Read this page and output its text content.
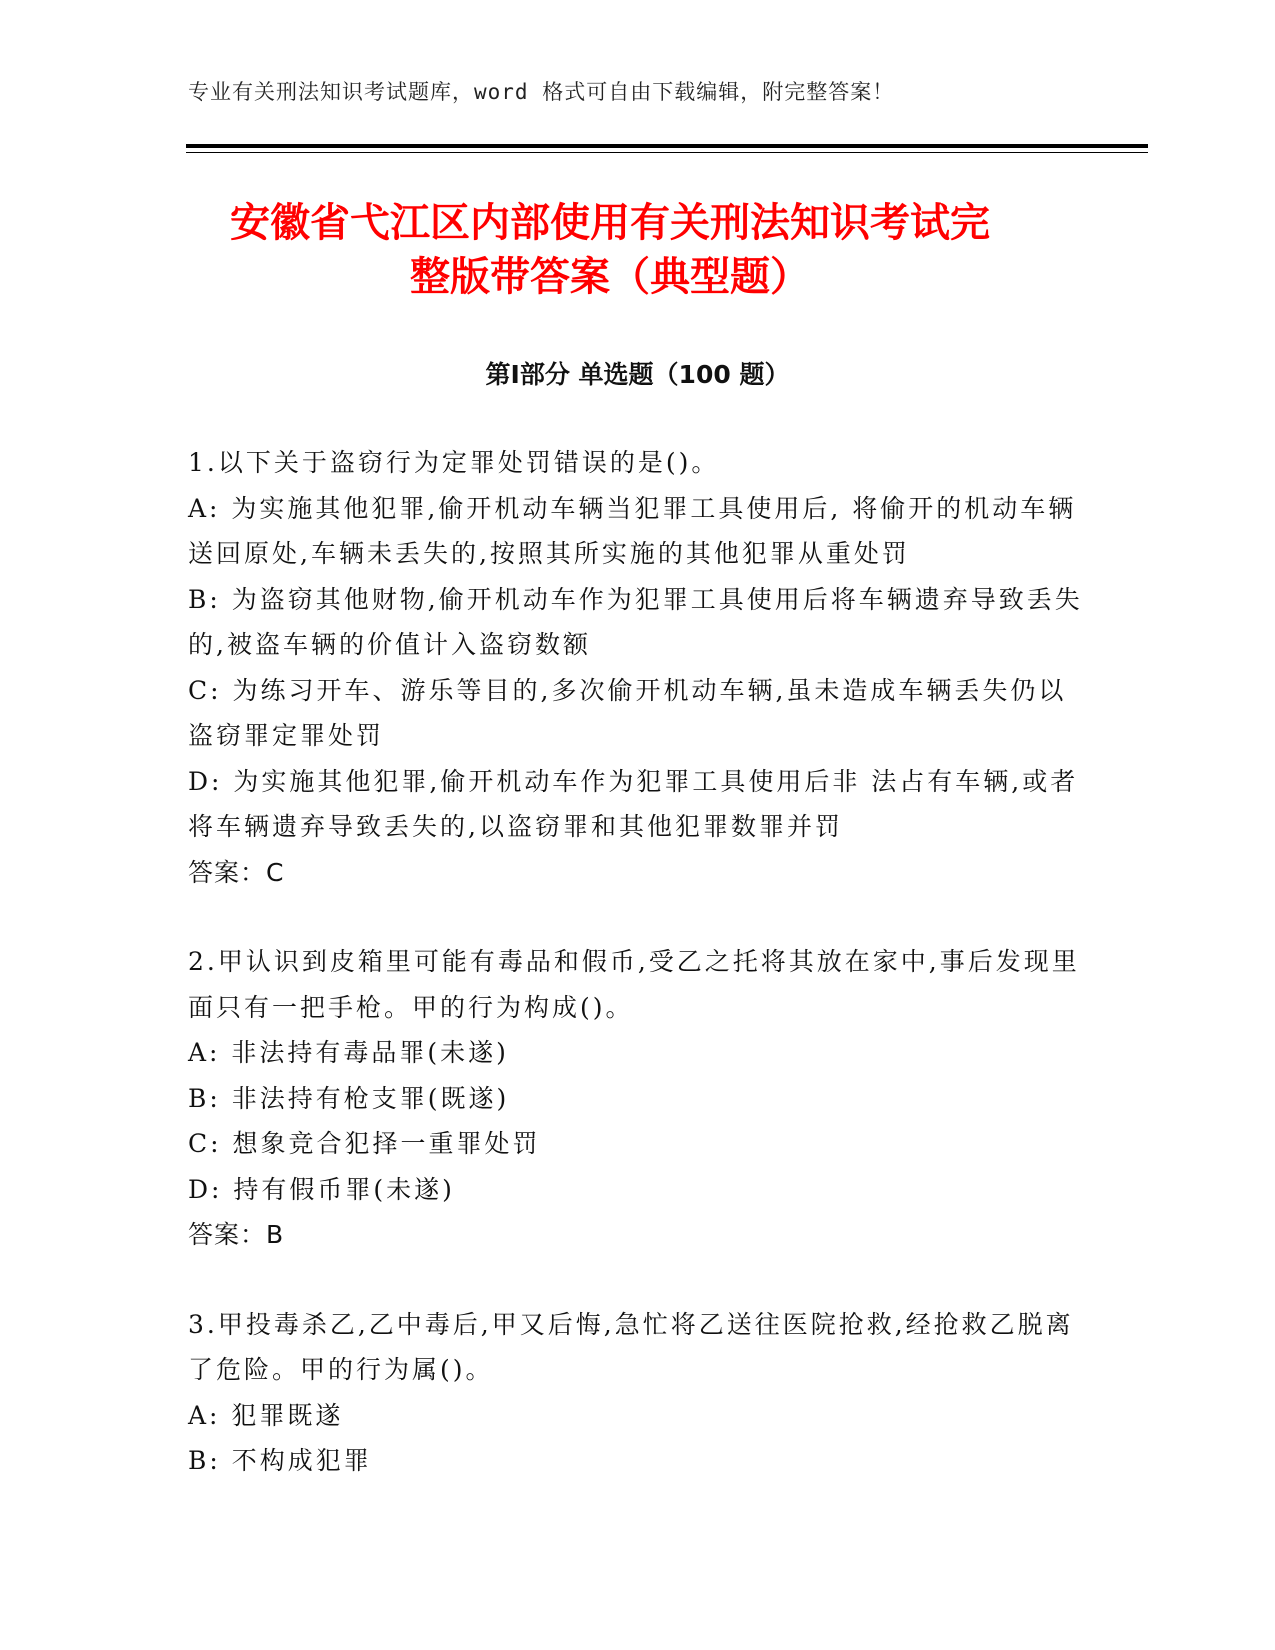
专业有关刑法知识考试题库，word 格式可自由下载编辑，附完整答案！
安徽省弋江区内部使用有关刑法知识考试完
整版带答案（典型题）
第Ⅰ部分 单选题（100 题）

1.以下关于盗窃行为定罪处罚错误的是()。

A: 为实施其他犯罪,偷开机动车辆当犯罪工具使用后, 将偷开的机动车辆送回原处,车辆未丢失的,按照其所实施的其他犯罪从重处罚

B: 为盗窃其他财物,偷开机动车作为犯罪工具使用后将车辆遗弃导致丢失的,被盗车辆的价值计入盗窃数额

C: 为练习开车、游乐等目的,多次偷开机动车辆,虽未造成车辆丢失仍以盗窃罪定罪处罚

D: 为实施其他犯罪,偷开机动车作为犯罪工具使用后非 法占有车辆,或者将车辆遗弃导致丢失的,以盗窃罪和其他犯罪数罪并罚

答案：C

2.甲认识到皮箱里可能有毒品和假币,受乙之托将其放在家中,事后发现里面只有一把手枪。甲的行为构成()。

A: 非法持有毒品罪(未遂)

B: 非法持有枪支罪(既遂)

C: 想象竞合犯择一重罪处罚

D: 持有假币罪(未遂)

答案：B

3.甲投毒杀乙,乙中毒后,甲又后悔,急忙将乙送往医院抢救,经抢救乙脱离了危险。甲的行为属()。

A: 犯罪既遂

B: 不构成犯罪
